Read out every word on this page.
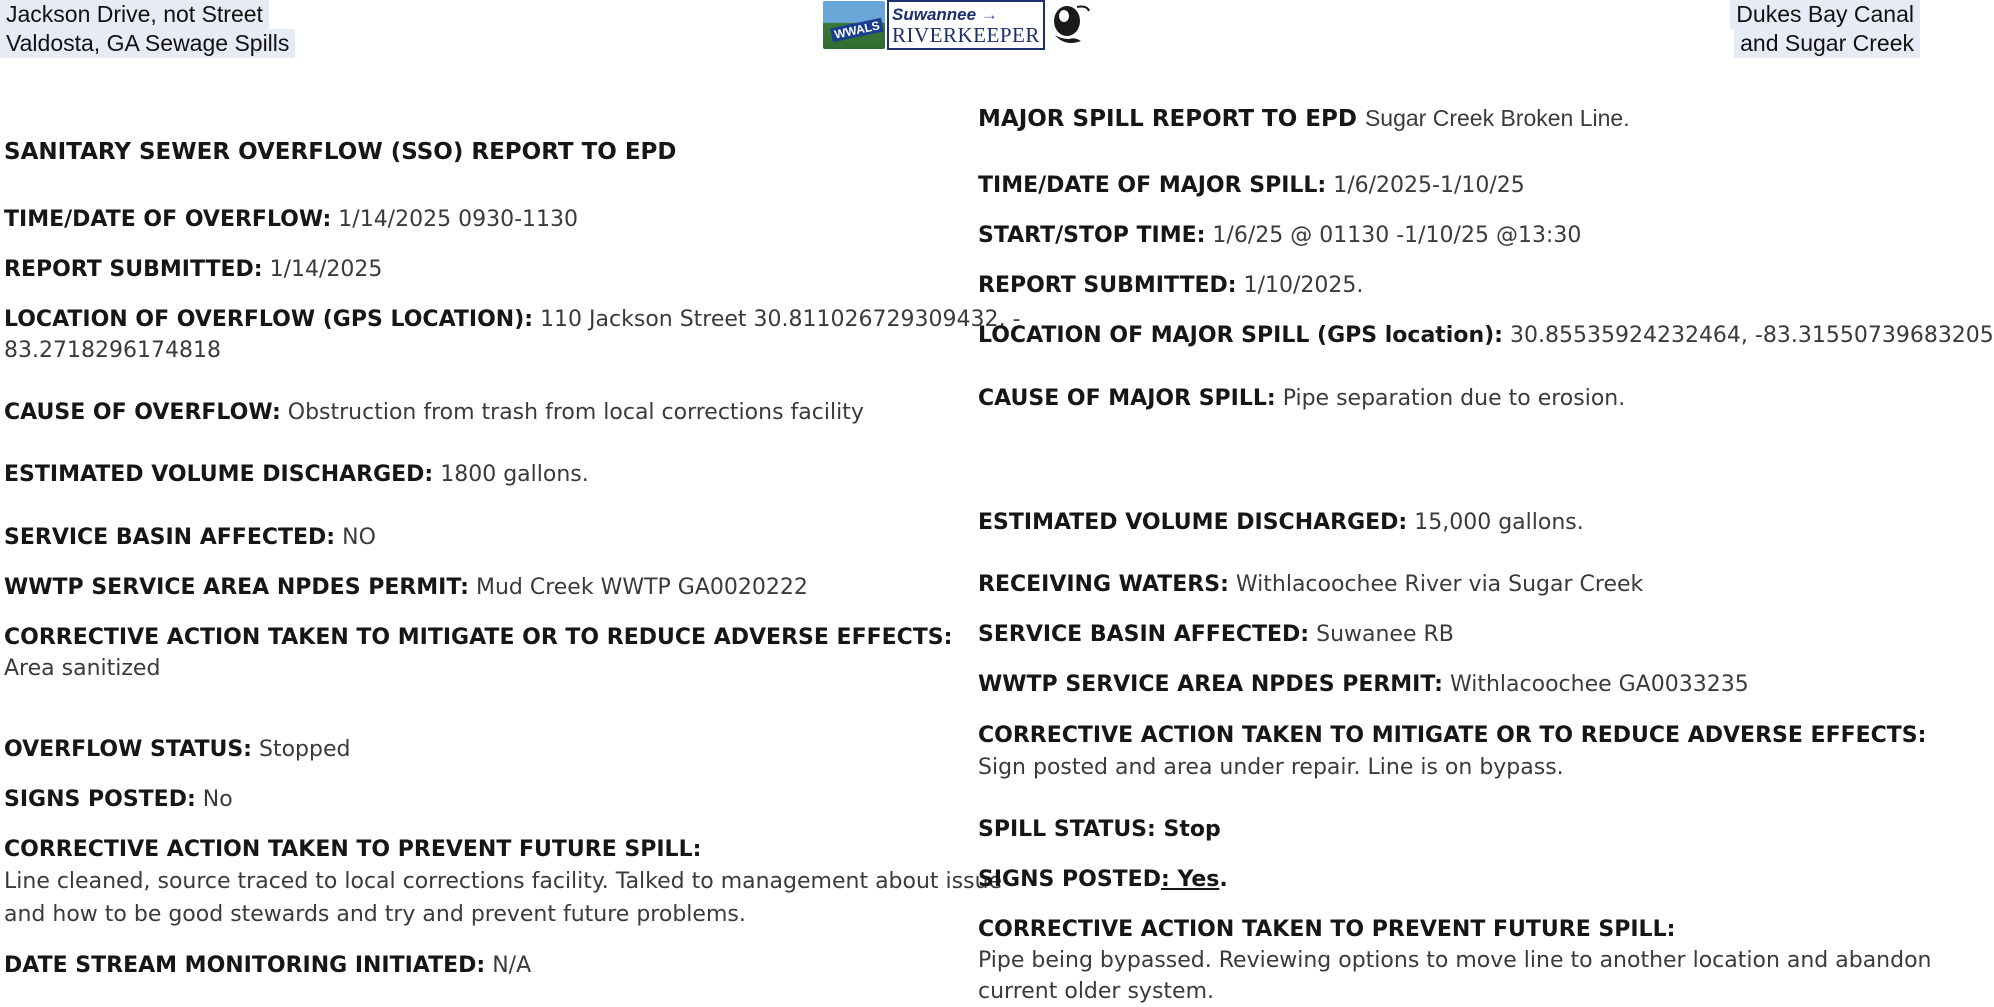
Jackson Drive, not Street
Valdosta, GA Sewage Spills	WWALS
Suwannee →
RIVERKEEPER
Dukes Bay Canal
and Sugar Creek
SANITARY SEWER OVERFLOW (SSO) REPORT TO EPD
TIME/DATE OF OVERFLOW: 1/14/2025 0930-1130
REPORT SUBMITTED: 1/14/2025
LOCATION OF OVERFLOW (GPS LOCATION): 110 Jackson Street 30.811026729309432, -
83.2718296174818
CAUSE OF OVERFLOW: Obstruction from trash from local corrections facility
ESTIMATED VOLUME DISCHARGED: 1800 gallons.
SERVICE BASIN AFFECTED: NO
WWTP SERVICE AREA NPDES PERMIT: Mud Creek WWTP GA0020222
CORRECTIVE ACTION TAKEN TO MITIGATE OR TO REDUCE ADVERSE EFFECTS:
Area sanitized
OVERFLOW STATUS: Stopped
SIGNS POSTED: No
CORRECTIVE ACTION TAKEN TO PREVENT FUTURE SPILL:
Line cleaned, source traced to local corrections facility. Talked to management about issue
and how to be good stewards and try and prevent future problems.
DATE STREAM MONITORING INITIATED: N/A
MAJOR SPILL REPORT TO EPD Sugar Creek Broken Line.
TIME/DATE OF MAJOR SPILL: 1/6/2025-1/10/25
START/STOP TIME: 1/6/25 @ 01130 -1/10/25 @13:30
REPORT SUBMITTED: 1/10/2025.
LOCATION OF MAJOR SPILL (GPS location): 30.85535924232464, -83.31550739683205
CAUSE OF MAJOR SPILL: Pipe separation due to erosion.
ESTIMATED VOLUME DISCHARGED: 15,000 gallons.
RECEIVING WATERS: Withlacoochee River via Sugar Creek
SERVICE BASIN AFFECTED: Suwanee RB
WWTP SERVICE AREA NPDES PERMIT: Withlacoochee GA0033235
CORRECTIVE ACTION TAKEN TO MITIGATE OR TO REDUCE ADVERSE EFFECTS:
Sign posted and area under repair. Line is on bypass.
SPILL STATUS: Stop
SIGNS POSTED: Yes.
CORRECTIVE ACTION TAKEN TO PREVENT FUTURE SPILL:
Pipe being bypassed. Reviewing options to move line to another location and abandon
current older system.
